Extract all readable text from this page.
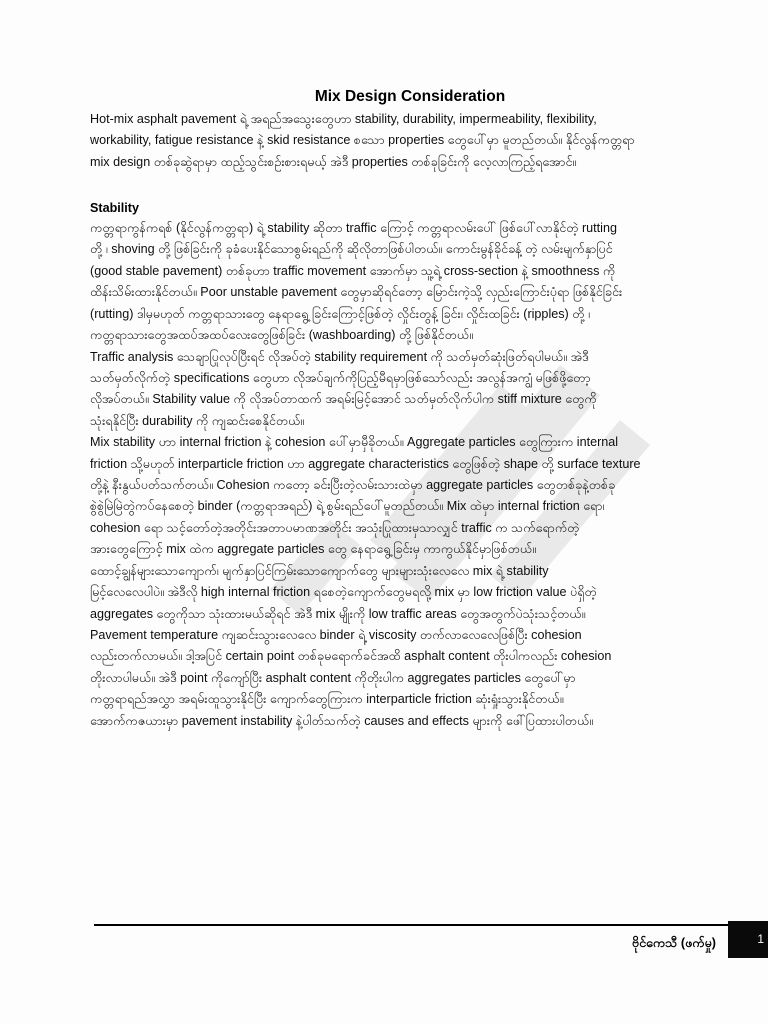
Mix Design Consideration
Hot-mix asphalt pavement ရဲ့ အရည်အသွေးတွေဟာ stability, durability, impermeability, flexibility,
workability, fatigue resistance နဲ့ skid resistance စသော properties တွေပေါ်မှာ မူတည်တယ်။ နိုင်လွန်ကတ္တရာ
mix design တစ်ခုဆွဲရာမှာ ထည့်သွင်းစဉ်းစားရမယ့် အဲဒီ properties တစ်ခုခြင်းကို လေ့လာကြည့်ရအောင်။
Stability
ကတ္တရာကွန်ကရစ် (နိုင်လွန်ကတ္တရာ) ရဲ့ stability ဆိုတာ traffic ကြောင့် ကတ္တရာလမ်းပေါ် ဖြစ်ပေါ်လာနိုင်တဲ့ rutting
တို့ ၊ shoving တို့ ဖြစ်ခြင်းကို ခုခံပေးနိုင်သောစွမ်းရည်ကို ဆိုလိုတာဖြစ်ပါတယ်။ ကောင်းမွန်ခိုင်ခန့် တဲ့ လမ်းမျက်နှာပြင်
(good stable pavement) တစ်ခုဟာ traffic movement အောက်မှာ သူ့ရဲ့ cross-section နဲ့ smoothness ကို
ထိန်းသိမ်းထားနိုင်တယ်။ Poor unstable pavement တွေမှာဆိုရင်တော့ မြောင်းကဲ့သို့ လှည်းကြောင်းပုံရာ ဖြစ်နိုင်ခြင်း
(rutting) ဒါမှမဟုတ် ကတ္တရာသားတွေ နေရာရွေ့ ခြင်းကြောင့်ဖြစ်တဲ့ လှိုင်းတွန့် ခြင်း၊ လှိုင်းထခြင်း (ripples) တို့ ၊
ကတ္တရာသားတွေအထပ်အထပ်လေးတွေဖြစ်ခြင်း (washboarding) တို့ ဖြစ်နိုင်တယ်။
Traffic analysis သေချာပြုလုပ်ပြီးရင် လိုအပ်တဲ့ stability requirement ကို သတ်မှတ်ဆုံးဖြတ်ရပါမယ်။ အဲဒီ
သတ်မှတ်လိုက်တဲ့ specifications တွေဟာ လိုအပ်ချက်ကိုပြည့်မီရမှာဖြစ်သော်လည်း အလွန်အကျွံ မဖြစ်ဖို့တော့
လိုအပ်တယ်။ Stability value ကို လိုအပ်တာထက် အရမ်းမြင့်အောင် သတ်မှတ်လိုက်ပါက stiff mixture တွေကို
သုံးရနိုင်ပြီး durability ကို ကျဆင်းစေနိုင်တယ်။
Mix stability ဟာ internal friction နဲ့ cohesion ပေါ်မှာမှီခိုတယ်။ Aggregate particles တွေကြားက internal
friction သို့မဟုတ် interparticle friction ဟာ aggregate characteristics တွေဖြစ်တဲ့ shape တို့ surface texture
တို့နဲ့ နီးနွယ်ပတ်သက်တယ်။ Cohesion ကတော့ ခင်းပြီးတဲ့လမ်းသားထဲမှာ aggregate particles တွေတစ်ခုနဲ့တစ်ခု
စွဲစွဲမြဲမြဲတွဲကပ်နေစေတဲ့ binder (ကတ္တရာအရည်) ရဲ့ စွမ်းရည်ပေါ်မူတည်တယ်။ Mix ထဲမှာ internal friction ရော၊
cohesion ရော သင့်တော်တဲ့အတိုင်းအတာပမာဏအတိုင်း အသုံးပြုထားမှသာလျှင် traffic က သက်ရောက်တဲ့
အားတွေကြောင့် mix ထဲက aggregate particles တွေ နေရာရွေ့ခြင်းမှ ကာကွယ်နိုင်မှာဖြစ်တယ်။
ထောင့်ချွန်များသောကျောက်၊ မျက်နှာပြင်ကြမ်းသောကျောက်တွေ များများသုံးလေလေ mix ရဲ့ stability
မြင့်လေလေပါပဲ။ အဲဒီလို high internal friction ရစေတဲ့ကျောက်တွေမရလို့ mix မှာ low friction value ပဲရှိတဲ့
aggregates တွေကိုသာ သုံးထားမယ်ဆိုရင် အဲဒီ mix မျိုးကို low traffic areas တွေအတွက်ပဲသုံးသင့်တယ်။
Pavement temperature ကျဆင်းသွားလေလေ binder ရဲ့ viscosity တက်လာလေလေဖြစ်ပြီး cohesion
လည်းတက်လာမယ်။ ဒါ့အပြင် certain point တစ်ခုမရောက်ခင်အထိ asphalt content တိုးပါကလည်း cohesion
တိုးလာပါမယ်။ အဲဒီ point ကိုကျော်ပြီး asphalt content ကိုတိုးပါက aggregates particles တွေပေါ်မှာ
ကတ္တရာရည်အလွှာ အရမ်းထူသွားနိုင်ပြီး ကျောက်တွေကြားက interparticle friction ဆုံးရှုံးသွားနိုင်တယ်။
အောက်ကဇယားမှာ pavement instability နဲ့ပါတ်သက်တဲ့ causes and effects များကို ဖေါ်ပြထားပါတယ်။
ဗိုင်ကေသီ (ဖက်မှု)	1
